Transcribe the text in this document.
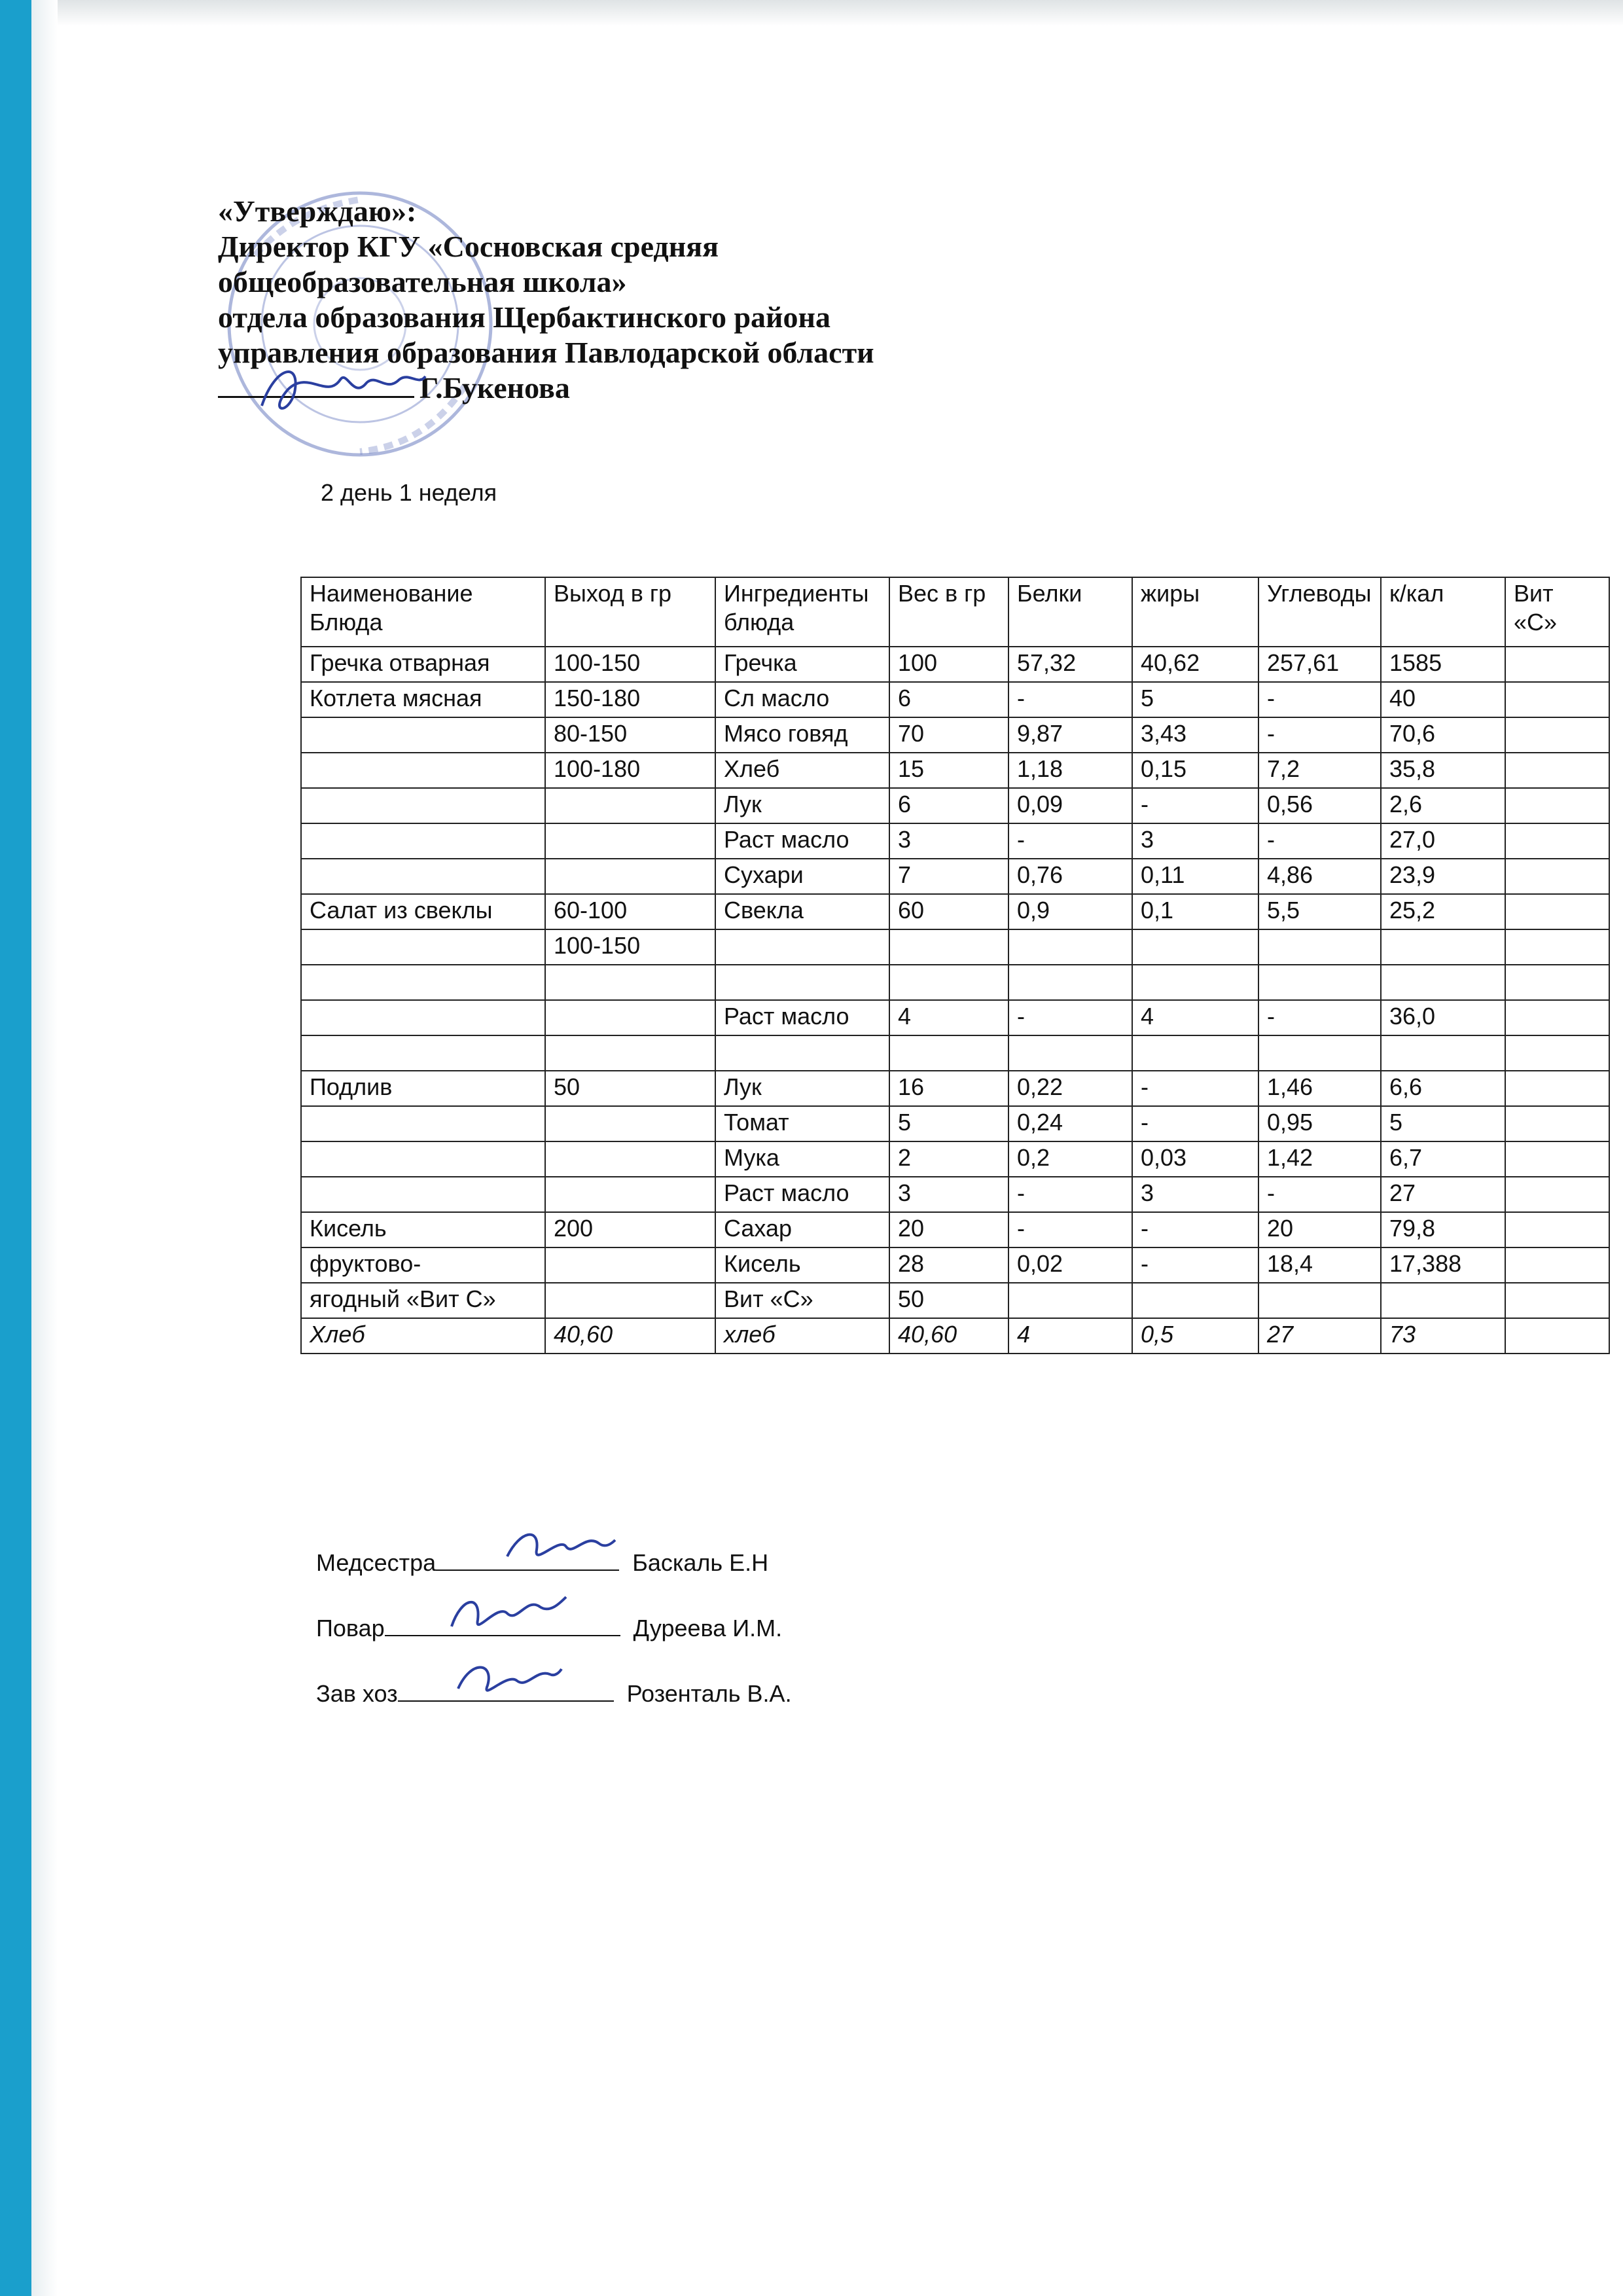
«Утверждаю»:
Директор КГУ «Сосновская средняя
общеобразовательная школа»
отдела образования Щербактинского района
управления образования Павлодарской области
Г.Букенова
2 день 1 неделя
Наименование Блюда	Выход в гр	Ингредиенты блюда	Вес в гр	Белки	жиры	Углеводы	к/кал	Вит «С»
Гречка отварная	100-150	Гречка	100	57,32	40,62	257,61	1585	
Котлета мясная	150-180	Сл масло	6	-	5	-	40	
	80-150	Мясо говяд	70	9,87	3,43	-	70,6	
	100-180	Хлеб	15	1,18	0,15	7,2	35,8	
		Лук	6	0,09	-	0,56	2,6	
		Раст масло	3	-	3	-	27,0	
		Сухари	7	0,76	0,11	4,86	23,9	
Салат из свеклы	60-100	Свекла	60	0,9	0,1	5,5	25,2	
	100-150							

		Раст масло	4	-	4	-	36,0	

Подлив	50	Лук	16	0,22	-	1,46	6,6	
		Томат	5	0,24	-	0,95	5	
		Мука	2	0,2	0,03	1,42	6,7	
		Раст масло	3	-	3	-	27	
Кисель	200	Сахар	20	-	-	20	79,8	
фруктово-		Кисель	28	0,02	-	18,4	17,388	
ягодный «Вит С»		Вит «С»	50					
Хлеб	40,60	хлеб	40,60	4	0,5	27	73	
Медсестра	Баскаль Е.Н
Повар	Дуреева И.М.
Зав хоз	Розенталь В.А.
